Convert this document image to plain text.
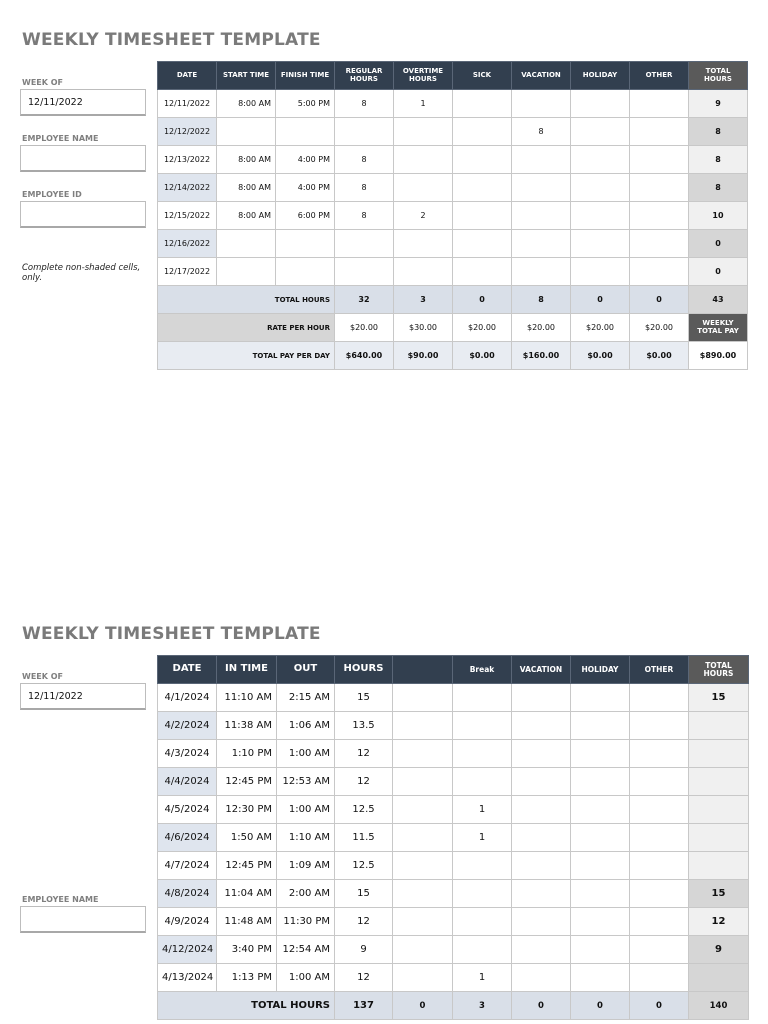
WEEKLY TIMESHEET TEMPLATE
WEEK OF
12/11/2022
EMPLOYEE NAME
EMPLOYEE ID
Complete non-shaded cells, only.
DATE	START TIME	FINISH TIME	REGULAR
HOURS	OVERTIME
HOURS	SICK	VACATION	HOLIDAY	OTHER	TOTAL
HOURS
12/11/2022	8:00 AM	5:00 PM	8	1					9
12/12/2022						8			8
12/13/2022	8:00 AM	4:00 PM	8						8
12/14/2022	8:00 AM	4:00 PM	8						8
12/15/2022	8:00 AM	6:00 PM	8	2					10
12/16/2022									0
12/17/2022									0
TOTAL HOURS			32	3	0	8	0	0	43
RATE PER HOUR			$20.00	$30.00	$20.00	$20.00	$20.00	$20.00	WEEKLY
TOTAL PAY
TOTAL PAY PER DAY			$640.00	$90.00	$0.00	$160.00	$0.00	$0.00	$890.00
WEEKLY TIMESHEET TEMPLATE
WEEK OF
12/11/2022
EMPLOYEE NAME
DATE	IN TIME	OUT	HOURS		Break	VACATION	HOLIDAY	OTHER	TOTAL
HOURS
4/1/2024	11:10 AM	2:15 AM	15						15
4/2/2024	11:38 AM	1:06 AM	13.5						
4/3/2024	1:10 PM	1:00 AM	12						
4/4/2024	12:45 PM	12:53 AM	12						
4/5/2024	12:30 PM	1:00 AM	12.5		1				
4/6/2024	1:50 AM	1:10 AM	11.5		1				
4/7/2024	12:45 PM	1:09 AM	12.5						
4/8/2024	11:04 AM	2:00 AM	15						15
4/9/2024	11:48 AM	11:30 PM	12						12
4/12/2024	3:40 PM	12:54 AM	9						9
4/13/2024	1:13 PM	1:00 AM	12		1				
TOTAL HOURS			137	0	3	0	0	0	140
